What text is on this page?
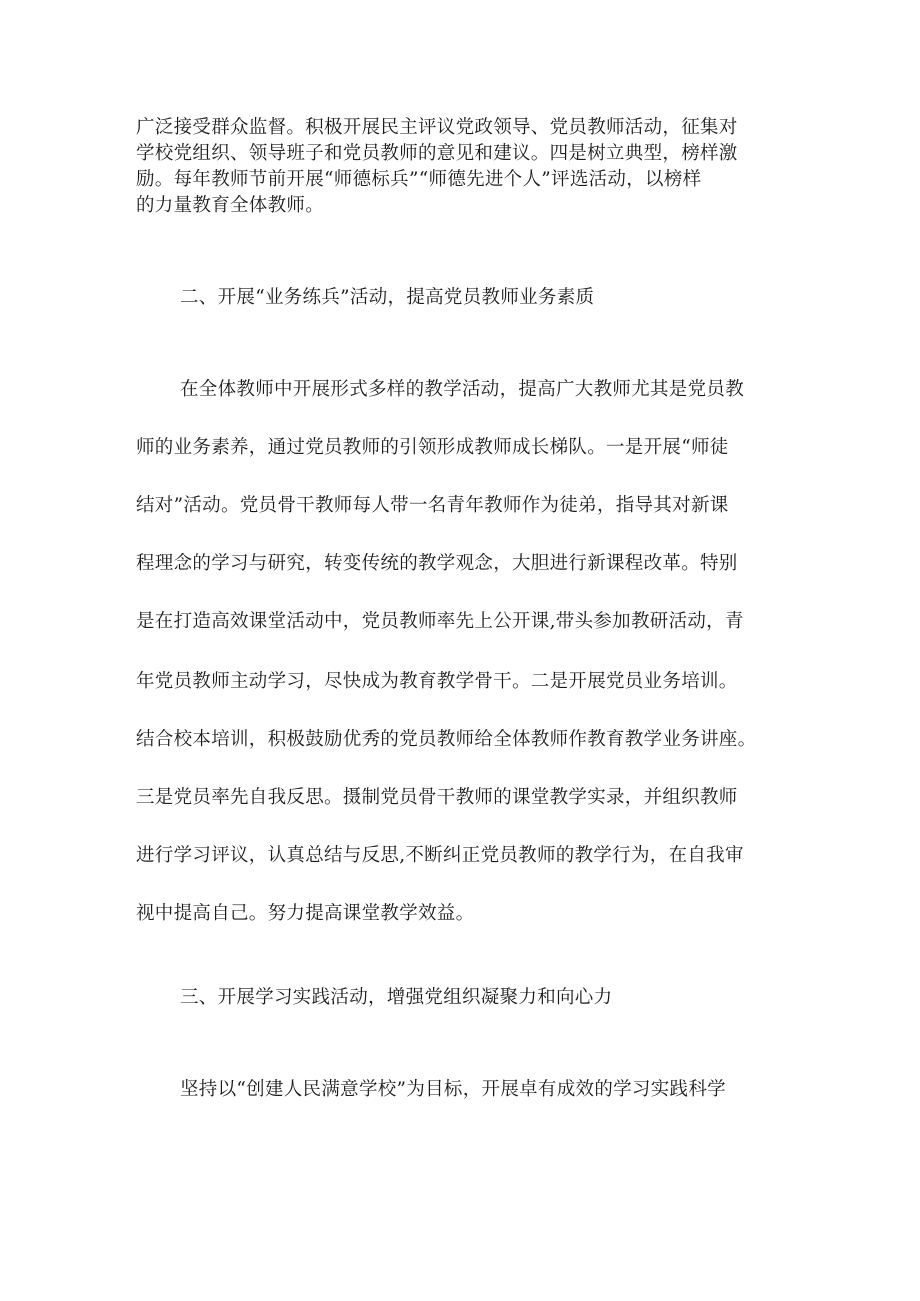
广泛接受群众监督。积极开展民主评议党政领导、党员教师活动，征集对
学校党组织、领导班子和党员教师的意见和建议。四是树立典型，榜样激
励。每年教师节前开展“师德标兵”“师德先进个人”评选活动，以榜样
的力量教育全体教师。
二、开展“业务练兵”活动，提高党员教师业务素质
在全体教师中开展形式多样的教学活动，提高广大教师尤其是党员教
师的业务素养，通过党员教师的引领形成教师成长梯队。一是开展“师徒
结对”活动。党员骨干教师每人带一名青年教师作为徒弟，指导其对新课
程理念的学习与研究，转变传统的教学观念，大胆进行新课程改革。特别
是在打造高效课堂活动中，党员教师率先上公开课,带头参加教研活动，青
年党员教师主动学习，尽快成为教育教学骨干。二是开展党员业务培训。
结合校本培训，积极鼓励优秀的党员教师给全体教师作教育教学业务讲座。
三是党员率先自我反思。摄制党员骨干教师的课堂教学实录，并组织教师
进行学习评议，认真总结与反思,不断纠正党员教师的教学行为，在自我审
视中提高自己。努力提高课堂教学效益。
三、开展学习实践活动，增强党组织凝聚力和向心力
坚持以“创建人民满意学校”为目标，开展卓有成效的学习实践科学
